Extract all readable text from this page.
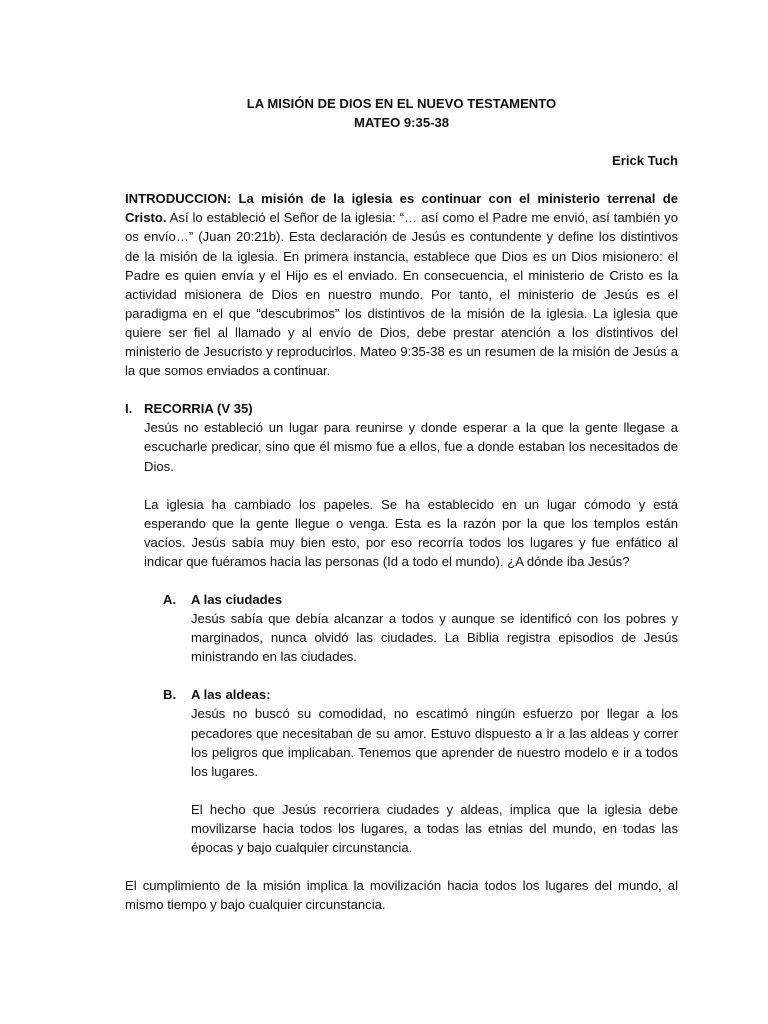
LA MISIÓN DE DIOS EN EL NUEVO TESTAMENTO
MATEO 9:35-38
Erick Tuch
INTRODUCCION: La misión de la iglesia es continuar con el ministerio terrenal de Cristo. Así lo estableció el Señor de la iglesia: “… así como el Padre me envió, así también yo os envío…” (Juan 20:21b). Esta declaración de Jesús es contundente y define los distintivos de la misión de la iglesia. En primera instancia, establece que Dios es un Dios misionero: el Padre es quien envía y el Hijo es el enviado. En consecuencia, el ministerio de Cristo es la actividad misionera de Dios en nuestro mundo. Por tanto, el ministerio de Jesús es el paradigma en el que “descubrimos” los distintivos de la misión de la iglesia. La iglesia que quiere ser fiel al llamado y al envío de Dios, debe prestar atención a los distintivos del ministerio de Jesucristo y reproducirlos. Mateo 9:35-38 es un resumen de la misión de Jesús a la que somos enviados a continuar.
I. RECORRIA (V 35)
Jesús no estableció un lugar para reunirse y donde esperar a la que la gente llegase a escucharle predicar, sino que él mismo fue a ellos, fue a donde estaban los necesitados de Dios.
La iglesia ha cambiado los papeles. Se ha establecido en un lugar cómodo y está esperando que la gente llegue o venga. Esta es la razón por la que los templos están vacíos. Jesús sabía muy bien esto, por eso recorría todos los lugares y fue enfático al indicar que fuéramos hacia las personas (Id a todo el mundo). ¿A dónde iba Jesús?
A.	A las ciudades
Jesús sabía que debía alcanzar a todos y aunque se identificó con los pobres y marginados, nunca olvidó las ciudades. La Biblia registra episodios de Jesús ministrando en las ciudades.
B.	A las aldeas:
Jesús no buscó su comodidad, no escatimó ningún esfuerzo por llegar a los pecadores que necesitaban de su amor. Estuvo dispuesto a ir a las aldeas y correr los peligros que implicaban. Tenemos que aprender de nuestro modelo e ir a todos los lugares.
El hecho que Jesús recorriera ciudades y aldeas, implica que la iglesia debe movilizarse hacia todos los lugares, a todas las etnias del mundo, en todas las épocas y bajo cualquier circunstancia.
El cumplimiento de la misión implica la movilización hacia todos los lugares del mundo, al mismo tiempo y bajo cualquier circunstancia.
